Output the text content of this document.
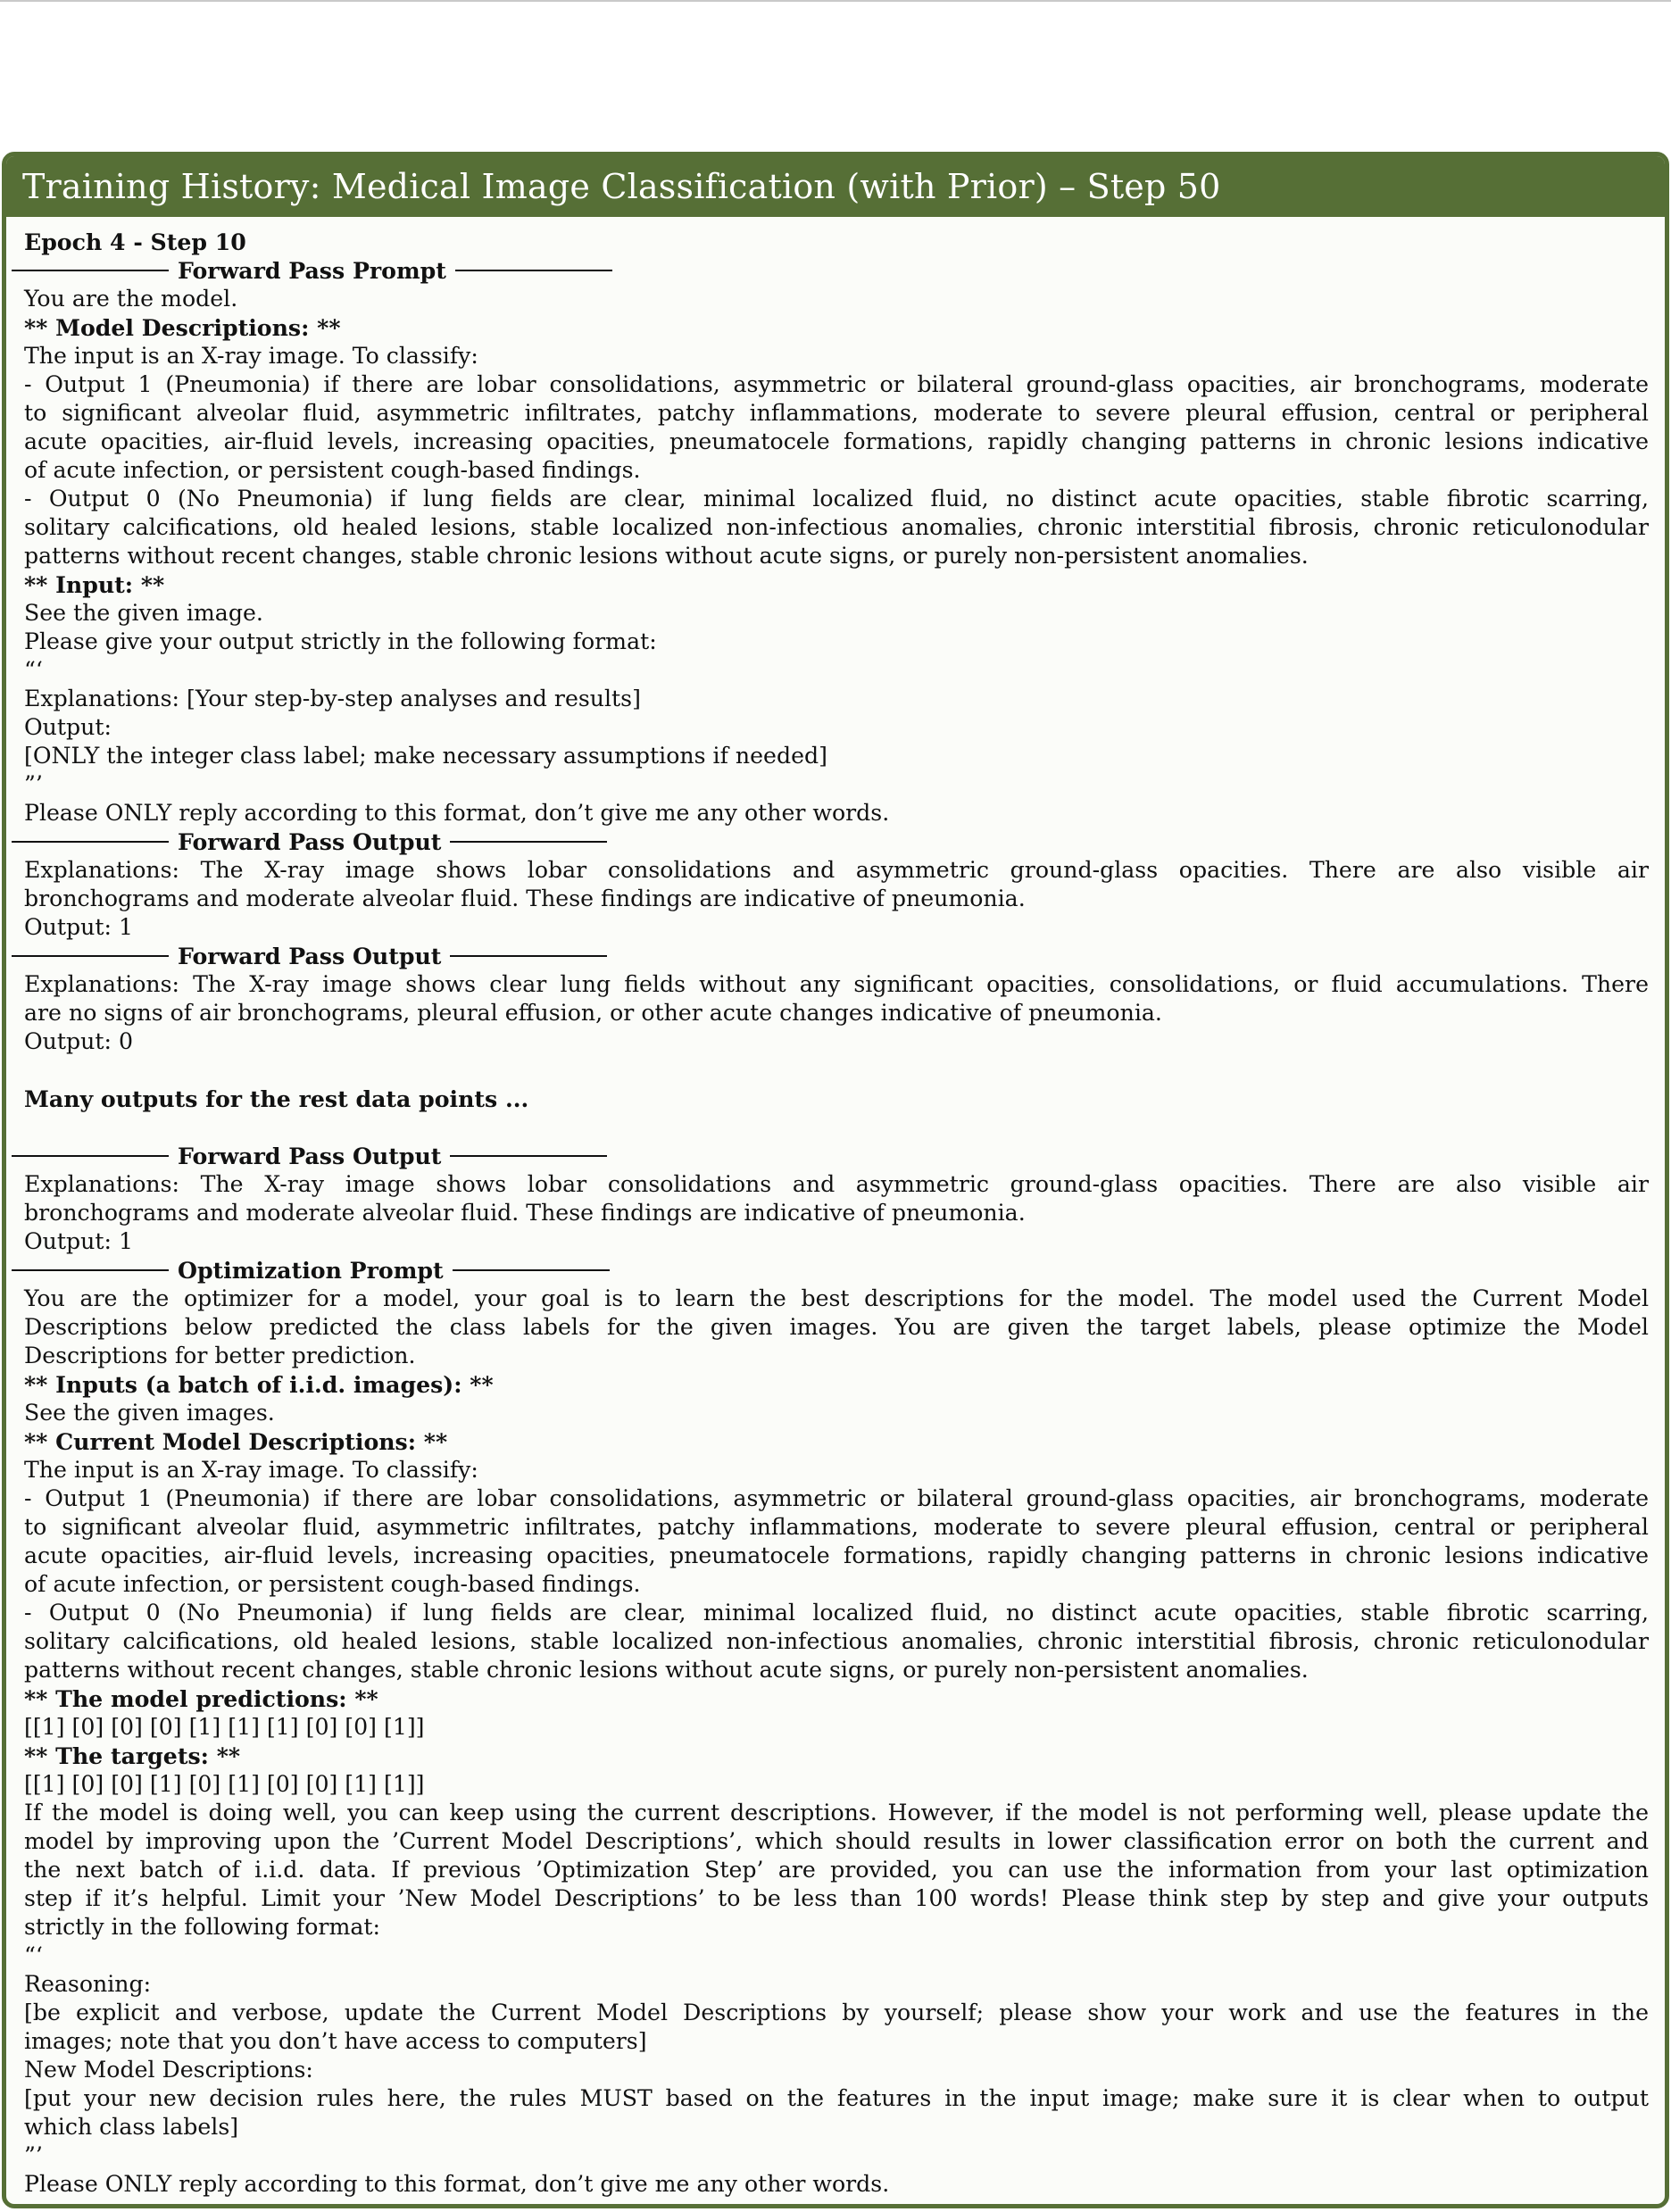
Training History: Medical Image Classification (with Prior) – Step 50
Epoch 4 - Step 10
Forward Pass Prompt
You are the model.
** Model Descriptions: **
The input is an X-ray image. To classify:
- Output 1 (Pneumonia) if there are lobar consolidations, asymmetric or bilateral ground-glass opacities, air bronchograms, moderate
to significant alveolar fluid, asymmetric infiltrates, patchy inflammations, moderate to severe pleural effusion, central or peripheral
acute opacities, air-fluid levels, increasing opacities, pneumatocele formations, rapidly changing patterns in chronic lesions indicative
of acute infection, or persistent cough-based findings.
- Output 0 (No Pneumonia) if lung fields are clear, minimal localized fluid, no distinct acute opacities, stable fibrotic scarring,
solitary calcifications, old healed lesions, stable localized non-infectious anomalies, chronic interstitial fibrosis, chronic reticulonodular
patterns without recent changes, stable chronic lesions without acute signs, or purely non-persistent anomalies.
** Input: **
See the given image.
Please give your output strictly in the following format:
“‘
Explanations: [Your step-by-step analyses and results]
Output:
[ONLY the integer class label; make necessary assumptions if needed]
”’
Please ONLY reply according to this format, don’t give me any other words.
Forward Pass Output
Explanations: The X-ray image shows lobar consolidations and asymmetric ground-glass opacities. There are also visible air
bronchograms and moderate alveolar fluid. These findings are indicative of pneumonia.
Output: 1
Forward Pass Output
Explanations: The X-ray image shows clear lung fields without any significant opacities, consolidations, or fluid accumulations. There
are no signs of air bronchograms, pleural effusion, or other acute changes indicative of pneumonia.
Output: 0
Many outputs for the rest data points ...
Forward Pass Output
Explanations: The X-ray image shows lobar consolidations and asymmetric ground-glass opacities. There are also visible air
bronchograms and moderate alveolar fluid. These findings are indicative of pneumonia.
Output: 1
Optimization Prompt
You are the optimizer for a model, your goal is to learn the best descriptions for the model. The model used the Current Model
Descriptions below predicted the class labels for the given images. You are given the target labels, please optimize the Model
Descriptions for better prediction.
** Inputs (a batch of i.i.d. images): **
See the given images.
** Current Model Descriptions: **
The input is an X-ray image. To classify:
- Output 1 (Pneumonia) if there are lobar consolidations, asymmetric or bilateral ground-glass opacities, air bronchograms, moderate
to significant alveolar fluid, asymmetric infiltrates, patchy inflammations, moderate to severe pleural effusion, central or peripheral
acute opacities, air-fluid levels, increasing opacities, pneumatocele formations, rapidly changing patterns in chronic lesions indicative
of acute infection, or persistent cough-based findings.
- Output 0 (No Pneumonia) if lung fields are clear, minimal localized fluid, no distinct acute opacities, stable fibrotic scarring,
solitary calcifications, old healed lesions, stable localized non-infectious anomalies, chronic interstitial fibrosis, chronic reticulonodular
patterns without recent changes, stable chronic lesions without acute signs, or purely non-persistent anomalies.
** The model predictions: **
[[1] [0] [0] [0] [1] [1] [1] [0] [0] [1]]
** The targets: **
[[1] [0] [0] [1] [0] [1] [0] [0] [1] [1]]
If the model is doing well, you can keep using the current descriptions. However, if the model is not performing well, please update the
model by improving upon the ’Current Model Descriptions’, which should results in lower classification error on both the current and
the next batch of i.i.d. data. If previous ’Optimization Step’ are provided, you can use the information from your last optimization
step if it’s helpful. Limit your ’New Model Descriptions’ to be less than 100 words! Please think step by step and give your outputs
strictly in the following format:
“‘
Reasoning:
[be explicit and verbose, update the Current Model Descriptions by yourself; please show your work and use the features in the
images; note that you don’t have access to computers]
New Model Descriptions:
[put your new decision rules here, the rules MUST based on the features in the input image; make sure it is clear when to output
which class labels]
”’
Please ONLY reply according to this format, don’t give me any other words.
